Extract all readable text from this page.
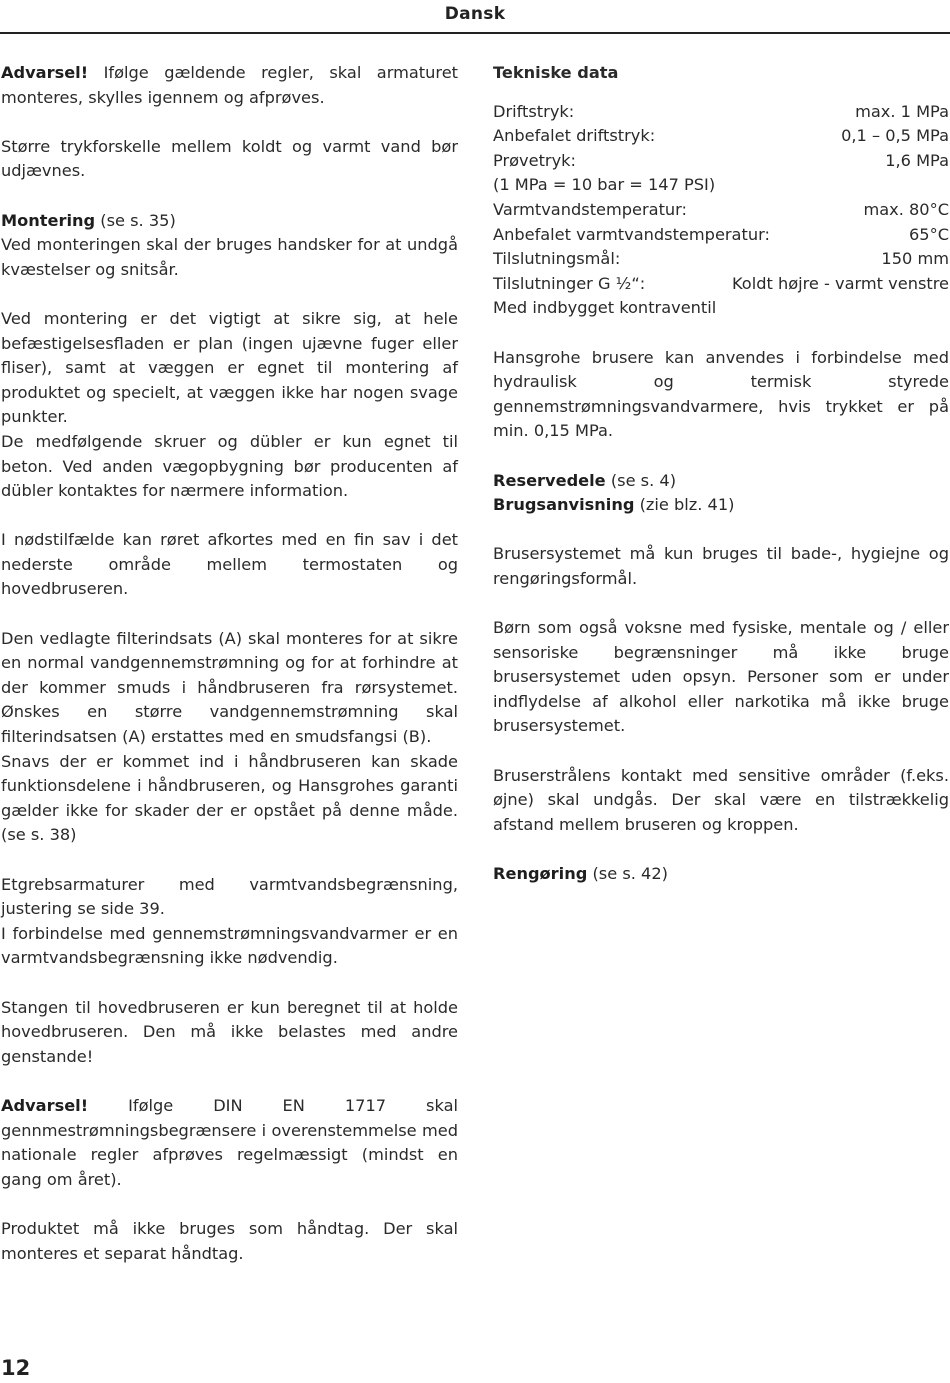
Dansk

Advarsel! Ifølge gældende regler, skal armaturet monteres, skylles igennem og afprøves.

Større trykforskelle mellem koldt og varmt vand bør udjævnes.

Montering (se s. 35)

Ved monteringen skal der bruges handsker for at undgå kvæstelser og snitsår.

Ved montering er det vigtigt at sikre sig, at hele befæstigelsesfladen er plan (ingen ujævne fuger eller fliser), samt at væggen er egnet til montering af produktet og specielt, at væggen ikke har nogen svage punkter.

De medfølgende skruer og dübler er kun egnet til beton. Ved anden vægopbygning bør producenten af dübler kontaktes for nærmere information.

I nødstilfælde kan røret afkortes med en fin sav i det nederste område mellem termostaten og hovedbruseren.

Den vedlagte filterindsats (A) skal monteres for at sikre en normal vandgennemstrømning og for at forhindre at der kommer smuds i håndbruseren fra rørsystemet. Ønskes en større vandgennemstrømning skal filterindsatsen (A) erstattes med en smudsfangsi (B).

Snavs der er kommet ind i håndbruseren kan skade funktionsdelene i håndbruseren, og Hansgrohes garanti gælder ikke for skader der er opstået på denne måde. (se s. 38)

Etgrebsarmaturer med varmtvandsbegrænsning, justering se side 39.

I forbindelse med gennemstrømningsvandvarmer er en varmtvandsbegrænsning ikke nødvendig.

Stangen til hovedbruseren er kun beregnet til at holde hovedbruseren. Den må ikke belastes med andre genstande!

Advarsel! Ifølge DIN EN 1717 skal gennmestrømningsbegrænsere i overenstemmelse med nationale regler afprøves regelmæssigt (mindst en gang om året).

Produktet må ikke bruges som håndtag. Der skal monteres et separat håndtag.

Tekniske data
Driftstryk:	max. 1 MPa
Anbefalet driftstryk:	0,1 – 0,5 MPa
Prøvetryk:	1,6 MPa
(1 MPa = 10 bar = 147 PSI)
Varmtvandstemperatur:	max. 80°C
Anbefalet varmtvandstemperatur:	65°C
Tilslutningsmål:	150 mm
Tilslutninger G ½“:	Koldt højre - varmt venstre
Med indbygget kontraventil

Hansgrohe brusere kan anvendes i forbindelse med hydraulisk og termisk styrede gennemstrømningsvandvarmere, hvis trykket er på min. 0,15 MPa.

Reservedele (se s. 4)

Brugsanvisning (zie blz. 41)

Brusersystemet må kun bruges til bade-, hygiejne og rengøringsformål.

Børn som også voksne med fysiske, mentale og / eller sensoriske begrænsninger må ikke bruge brusersystemet uden opsyn. Personer som er under indflydelse af alkohol eller narkotika må ikke bruge brusersystemet.

Bruserstrålens kontakt med sensitive områder (f.eks. øjne) skal undgås. Der skal være en tilstrækkelig afstand mellem bruseren og kroppen.

Rengøring (se s. 42)

12
